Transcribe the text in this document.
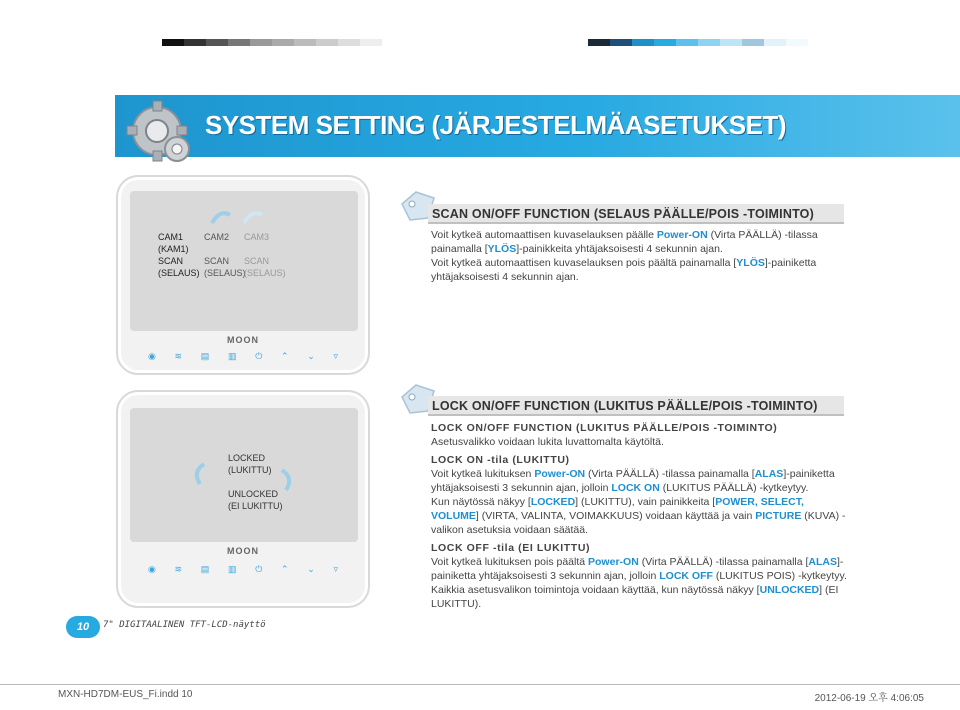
SYSTEM SETTING (JÄRJESTELMÄASETUKSET)
CAM1
(KAM1)
SCAN
(SELAUS)
CAM2
SCAN
(SELAUS)
CAM3
SCAN
(SELAUS)
MOON
◉ ≋ ▤ ▥ ⏻ ⌃ ⌄ ▿
LOCKED
(LUKITTU)
UNLOCKED
(EI LUKITTU)
MOON
◉ ≋ ▤ ▥ ⏻ ⌃ ⌄ ▿
SCAN ON/OFF FUNCTION (SELAUS PÄÄLLE/POIS -TOIMINTO)
Voit kytkeä automaattisen kuvaselauksen päälle Power-ON (Virta PÄÄLLÄ) -tilassa painamalla [YLÖS]-painikkeita yhtäjaksoisesti 4 sekunnin ajan.
Voit kytkeä automaattisen kuvaselauksen pois päältä painamalla [YLÖS]-painiketta yhtäjaksoisesti 4 sekunnin ajan.
LOCK ON/OFF FUNCTION (LUKITUS PÄÄLLE/POIS -TOIMINTO)
LOCK ON/OFF FUNCTION (LUKITUS PÄÄLLE/POIS -TOIMINTO)
Asetusvalikko voidaan lukita luvattomalta käytöltä.
LOCK ON -tila (LUKITTU)
Voit kytkeä lukituksen Power-ON (Virta PÄÄLLÄ) -tilassa painamalla [ALAS]-painiketta yhtäjaksoisesti 3 sekunnin ajan, jolloin LOCK ON (LUKITUS PÄÄLLÄ) -kytkeytyy.
Kun näytössä näkyy [LOCKED] (LUKITTU), vain painikkeita [POWER, SELECT, VOLUME] (VIRTA, VALINTA, VOIMAKKUUS) voidaan käyttää ja vain PICTURE (KUVA) -valikon asetuksia voidaan säätää.
LOCK OFF -tila (EI LUKITTU)
Voit kytkeä lukituksen pois päältä Power-ON (Virta PÄÄLLÄ) -tilassa painamalla [ALAS]-painiketta yhtäjaksoisesti 3 sekunnin ajan, jolloin LOCK OFF (LUKITUS POIS) -kytkeytyy.
Kaikkia asetusvalikon toimintoja voidaan käyttää, kun näytössä näkyy [UNLOCKED] (EI LUKITTU).
10	7" DIGITAALINEN TFT-LCD-näyttö
MXN-HD7DM-EUS_Fi.indd 10	2012-06-19 오후 4:06:05
